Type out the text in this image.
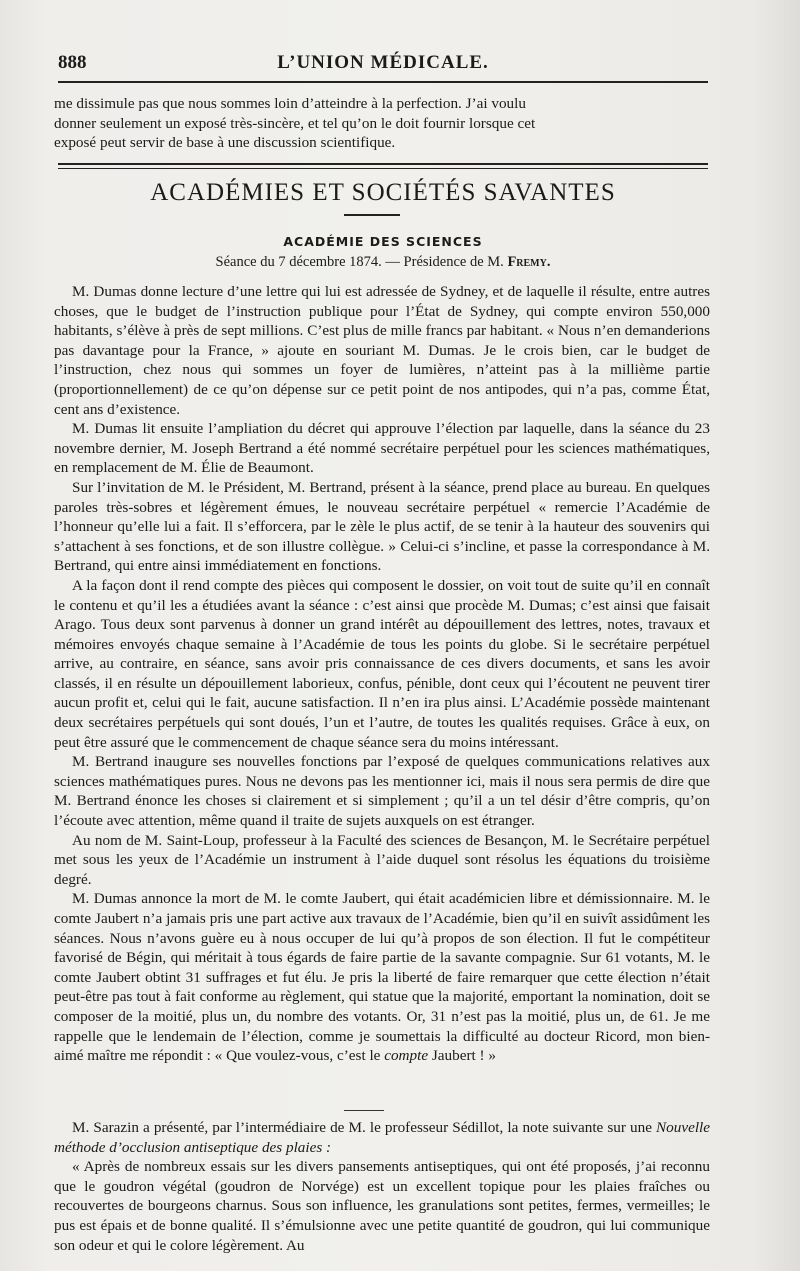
888	L’UNION MÉDICALE.

me dissimule pas que nous sommes loin d’atteindre à la perfection. J’ai voulu

donner seulement un exposé très-sincère, et tel qu’on le doit fournir lorsque cet

exposé peut servir de base à une discussion scientifique.

ACADÉMIES ET SOCIÉTÉS SAVANTES
ACADÉMIE DES SCIENCES
Séance du 7 décembre 1874. — Présidence de M. Fremy.

M. Dumas donne lecture d’une lettre qui lui est adressée de Sydney, et de laquelle il résulte, entre autres choses, que le budget de l’instruction publique pour l’État de Sydney, qui compte environ 550,000 habitants, s’élève à près de sept millions. C’est plus de mille francs par habitant. « Nous n’en demanderions pas davantage pour la France, » ajoute en souriant M. Dumas. Je le crois bien, car le budget de l’instruction, chez nous qui sommes un foyer de lumières, n’atteint pas à la millième partie (proportionnellement) de ce qu’on dépense sur ce petit point de nos antipodes, qui n’a pas, comme État, cent ans d’existence.

M. Dumas lit ensuite l’ampliation du décret qui approuve l’élection par laquelle, dans la séance du 23 novembre dernier, M. Joseph Bertrand a été nommé secrétaire perpétuel pour les sciences mathématiques, en remplacement de M. Élie de Beaumont.

Sur l’invitation de M. le Président, M. Bertrand, présent à la séance, prend place au bureau. En quelques paroles très-sobres et légèrement émues, le nouveau secrétaire perpétuel « remercie l’Académie de l’honneur qu’elle lui a fait. Il s’efforcera, par le zèle le plus actif, de se tenir à la hauteur des souvenirs qui s’attachent à ses fonctions, et de son illustre collègue. » Celui-ci s’incline, et passe la correspondance à M. Bertrand, qui entre ainsi immédiatement en fonctions.

A la façon dont il rend compte des pièces qui composent le dossier, on voit tout de suite qu’il en connaît le contenu et qu’il les a étudiées avant la séance : c’est ainsi que procède M. Dumas; c’est ainsi que faisait Arago. Tous deux sont parvenus à donner un grand intérêt au dépouillement des lettres, notes, travaux et mémoires envoyés chaque semaine à l’Académie de tous les points du globe. Si le secrétaire perpétuel arrive, au contraire, en séance, sans avoir pris connaissance de ces divers documents, et sans les avoir classés, il en résulte un dépouillement laborieux, confus, pénible, dont ceux qui l’écoutent ne peuvent tirer aucun profit et, celui qui le fait, aucune satisfaction. Il n’en ira plus ainsi. L’Académie possède maintenant deux secrétaires perpétuels qui sont doués, l’un et l’autre, de toutes les qualités requises. Grâce à eux, on peut être assuré que le commencement de chaque séance sera du moins intéressant.

M. Bertrand inaugure ses nouvelles fonctions par l’exposé de quelques communications relatives aux sciences mathématiques pures. Nous ne devons pas les mentionner ici, mais il nous sera permis de dire que M. Bertrand énonce les choses si clairement et si simplement ; qu’il a un tel désir d’être compris, qu’on l’écoute avec attention, même quand il traite de sujets auxquels on est étranger.

Au nom de M. Saint-Loup, professeur à la Faculté des sciences de Besançon, M. le Secrétaire perpétuel met sous les yeux de l’Académie un instrument à l’aide duquel sont résolus les équations du troisième degré.

M. Dumas annonce la mort de M. le comte Jaubert, qui était académicien libre et démissionnaire. M. le comte Jaubert n’a jamais pris une part active aux travaux de l’Académie, bien qu’il en suivît assidûment les séances. Nous n’avons guère eu à nous occuper de lui qu’à propos de son élection. Il fut le compétiteur favorisé de Bégin, qui méritait à tous égards de faire partie de la savante compagnie. Sur 61 votants, M. le comte Jaubert obtint 31 suffrages et fut élu. Je pris la liberté de faire remarquer que cette élection n’était peut-être pas tout à fait conforme au règlement, qui statue que la majorité, emportant la nomination, doit se composer de la moitié, plus un, du nombre des votants. Or, 31 n’est pas la moitié, plus un, de 61. Je me rappelle que le lendemain de l’élection, comme je soumettais la difficulté au docteur Ricord, mon bien-aimé maître me répondit : « Que voulez-vous, c’est le compte Jaubert ! »

M. Sarazin a présenté, par l’intermédiaire de M. le professeur Sédillot, la note suivante sur une Nouvelle méthode d’occlusion antiseptique des plaies :

« Après de nombreux essais sur les divers pansements antiseptiques, qui ont été proposés, j’ai reconnu que le goudron végétal (goudron de Norvége) est un excellent topique pour les plaies fraîches ou recouvertes de bourgeons charnus. Sous son influence, les granulations sont petites, fermes, vermeilles; le pus est épais et de bonne qualité. Il s’émulsionne avec une petite quantité de goudron, qui lui communique son odeur et qui le colore légèrement. Au
